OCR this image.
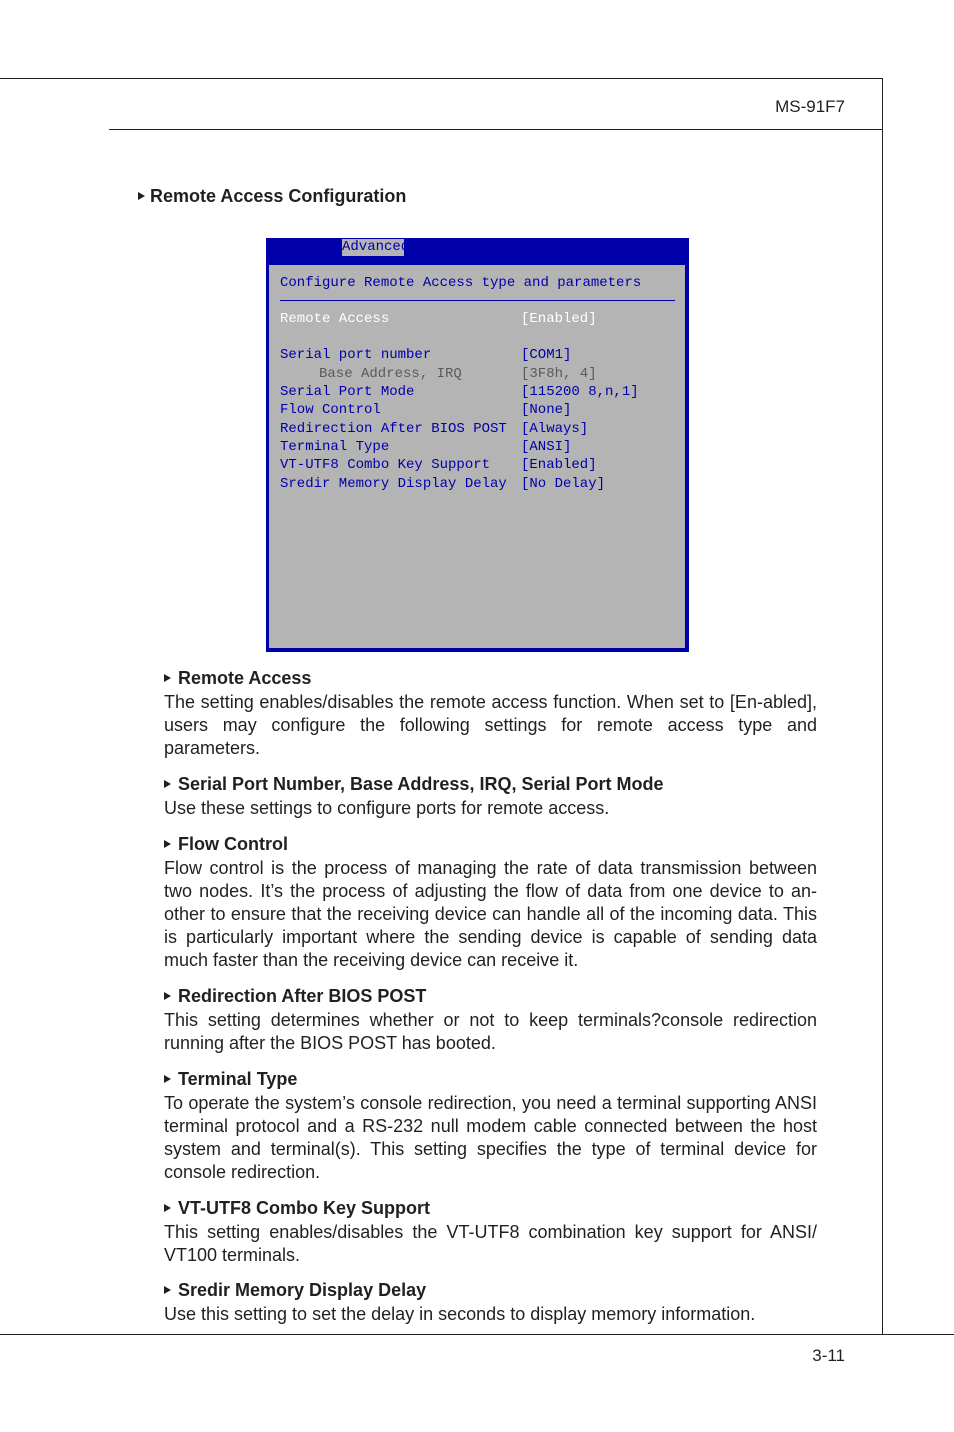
MS-91F7
Remote Access Configuration
Advanced
Configure Remote Access type and parameters
Remote Access	[Enabled]
Serial port number	[COM1]
Base Address, IRQ	[3F8h, 4]
Serial Port Mode	[115200 8,n,1]
Flow Control	[None]
Redirection After BIOS POST [Always]
Terminal Type	[ANSI]
VT-UTF8 Combo Key Support [Enabled]
Sredir Memory Display Delay [No Delay]

Remote Access

The setting enables/disables the remote access function. When set to [En-abled], users may configure the following settings for remote access type and parameters.

Serial Port Number, Base Address, IRQ, Serial Port Mode

Use these settings to configure ports for remote access.

Flow Control

Flow control is the process of managing the rate of data transmission between two nodes. It’s the process of adjusting the flow of data from one device to an-other to ensure that the receiving device can handle all of the incoming data. This is particularly important where the sending device is capable of sending data much faster than the receiving device can receive it.

Redirection After BIOS POST

This setting determines whether or not to keep terminals?console redirection running after the BIOS POST has booted.

Terminal Type

To operate the system’s console redirection, you need a terminal supporting ANSI terminal protocol and a RS-232 null modem cable connected between the host system and terminal(s). This setting specifies the type of terminal device for console redirection.

VT-UTF8 Combo Key Support

This setting enables/disables the VT-UTF8 combination key support for ANSI/ VT100 terminals.

Sredir Memory Display Delay

Use this setting to set the delay in seconds to display memory information.

3-11
